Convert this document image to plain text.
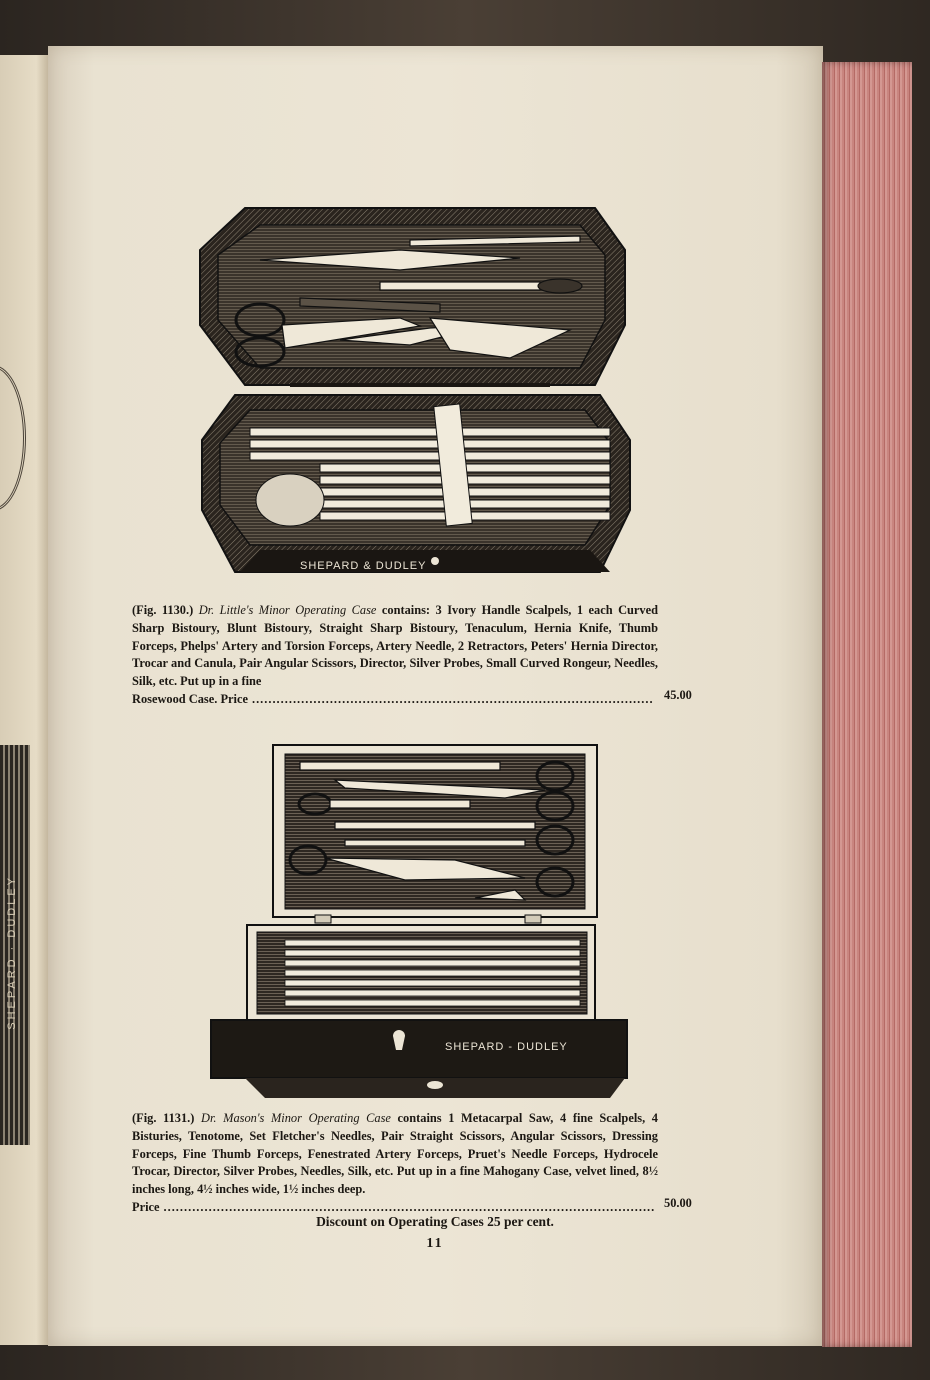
SHEPARD · DUDLEY
SHEPARD & DUDLEY
(Fig. 1130.) Dr. Little's Minor Operating Case contains: 3 Ivory Handle Scalpels, 1 each Curved Sharp Bistoury, Blunt Bistoury, Straight Sharp Bistoury, Tenaculum, Hernia Knife, Thumb Forceps, Phelps' Artery and Torsion Forceps, Artery Needle, 2 Retractors, Peters' Hernia Director, Trocar and Canula, Pair Angular Scissors, Director, Silver Probes, Small Curved Rongeur, Needles, Silk, etc. Put up in a fine
Rosewood Case. Price .....	45.00
SHEPARD - DUDLEY
(Fig. 1131.) Dr. Mason's Minor Operating Case contains 1 Metacarpal Saw, 4 fine Scalpels, 4 Bisturies, Tenotome, Set Fletcher's Needles, Pair Straight Scissors, Angular Scissors, Dressing Forceps, Fine Thumb Forceps, Fenestrated Artery Forceps, Pruet's Needle Forceps, Hydrocele Trocar, Director, Silver Probes, Needles, Silk, etc. Put up in a fine Mahogany Case, velvet lined, 8½ inches long, 4½ inches wide, 1½ inches deep.
Price .....	50.00
Discount on Operating Cases 25 per cent.
11
